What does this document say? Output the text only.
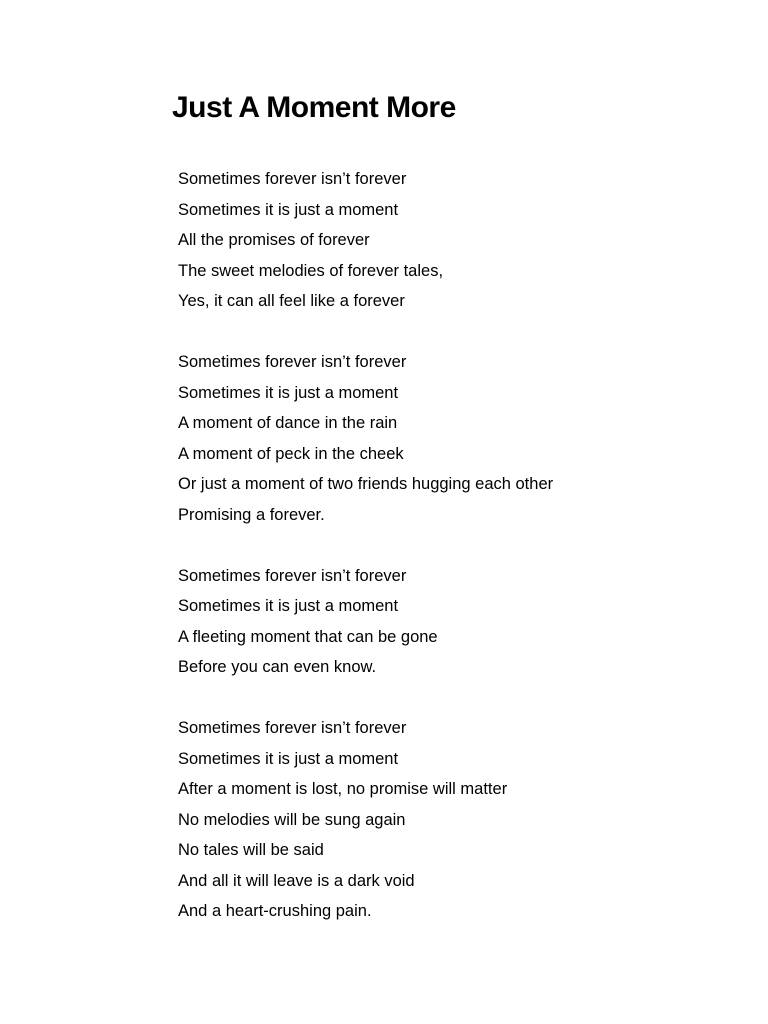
Just A Moment More
Sometimes forever isn’t forever
Sometimes it is just a moment
All the promises of forever
The sweet melodies of forever tales,
Yes, it can all feel like a forever
Sometimes forever isn’t forever
Sometimes it is just a moment
A moment of dance in the rain
A moment of peck in the cheek
Or just a moment of two friends hugging each other
Promising a forever.
Sometimes forever isn’t forever
Sometimes it is just a moment
A fleeting moment that can be gone
Before you can even know.
Sometimes forever isn’t forever
Sometimes it is just a moment
After a moment is lost, no promise will matter
No melodies will be sung again
No tales will be said
And all it will leave is a dark void
And a heart-crushing pain.
